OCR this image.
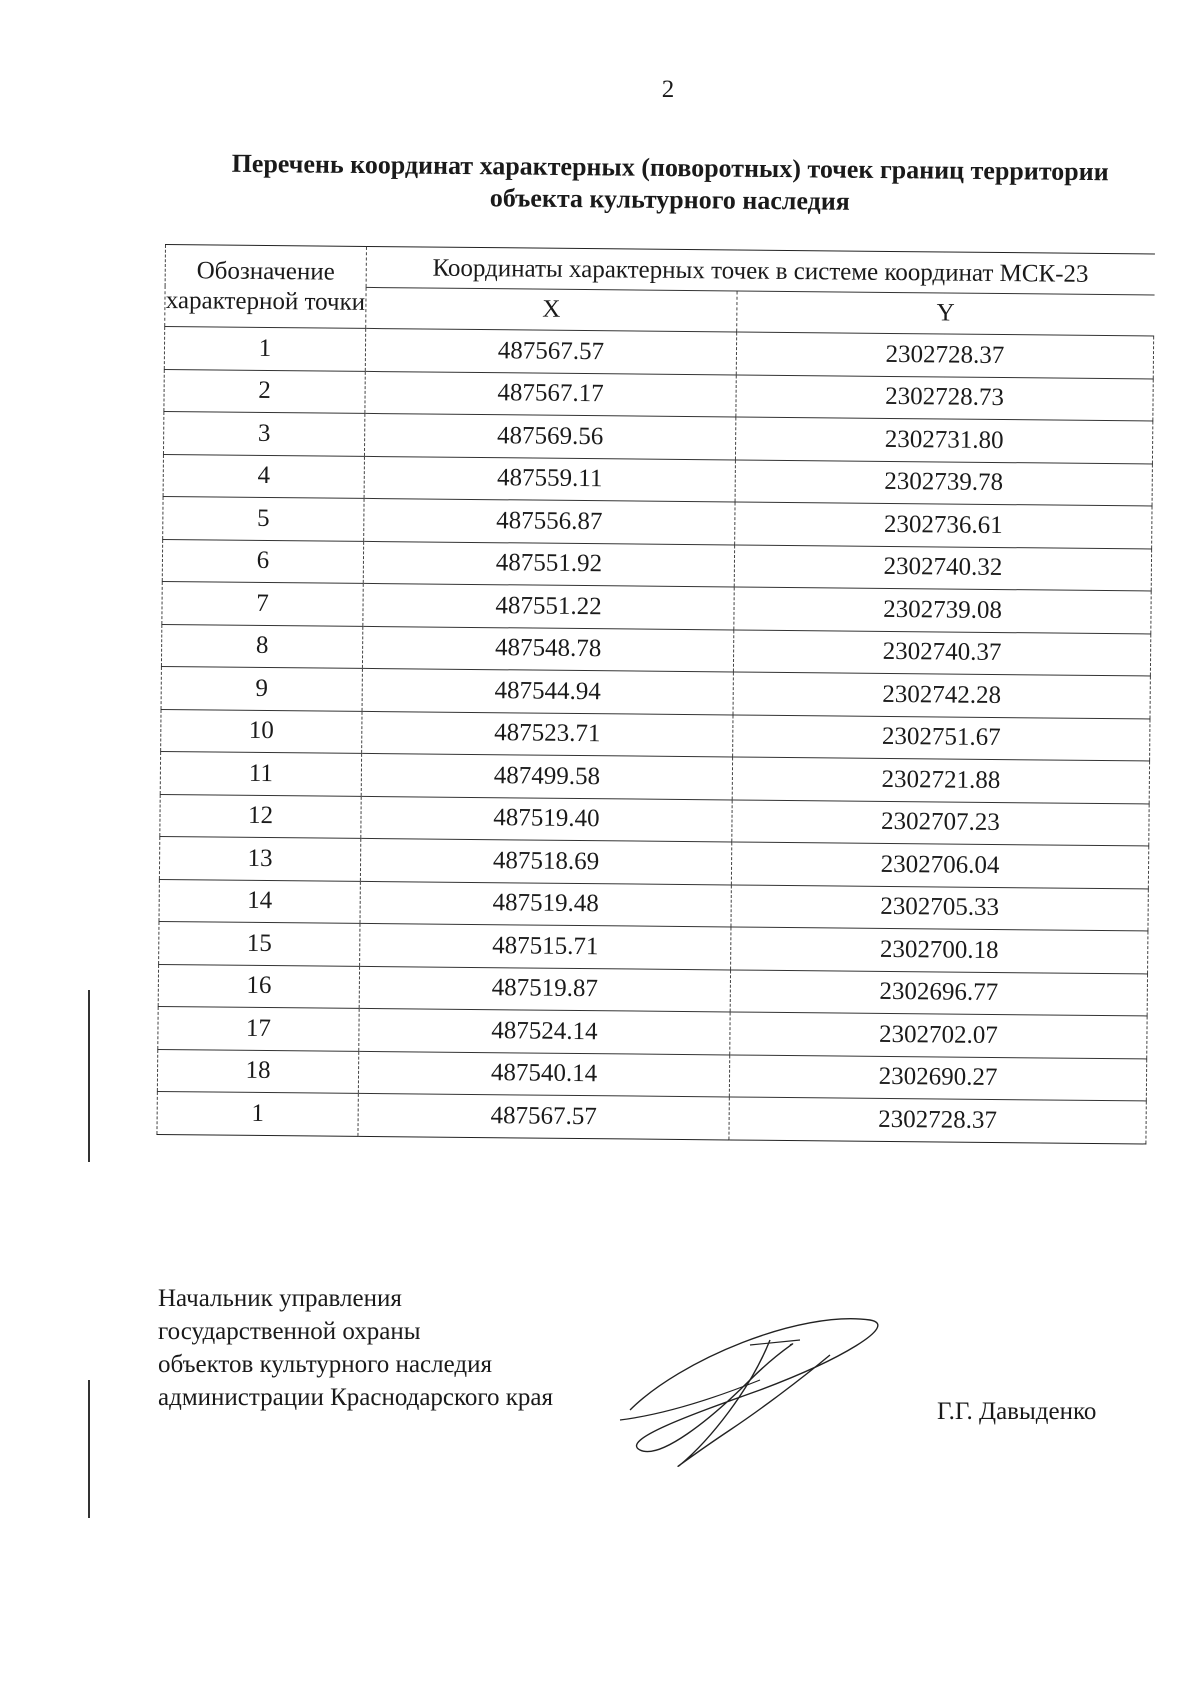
2
Перечень координат характерных (поворотных) точек границ территории объекта культурного наследия
Обозначение характерной точки	Координаты характерных точек в системе координат МСК-23	
	X	Y
1	487567.57	2302728.37
2	487567.17	2302728.73
3	487569.56	2302731.80
4	487559.11	2302739.78
5	487556.87	2302736.61
6	487551.92	2302740.32
7	487551.22	2302739.08
8	487548.78	2302740.37
9	487544.94	2302742.28
10	487523.71	2302751.67
11	487499.58	2302721.88
12	487519.40	2302707.23
13	487518.69	2302706.04
14	487519.48	2302705.33
15	487515.71	2302700.18
16	487519.87	2302696.77
17	487524.14	2302702.07
18	487540.14	2302690.27
1	487567.57	2302728.37
Начальник управления
государственной охраны
объектов культурного наследия
администрации Краснодарского края
Г.Г. Давыденко
